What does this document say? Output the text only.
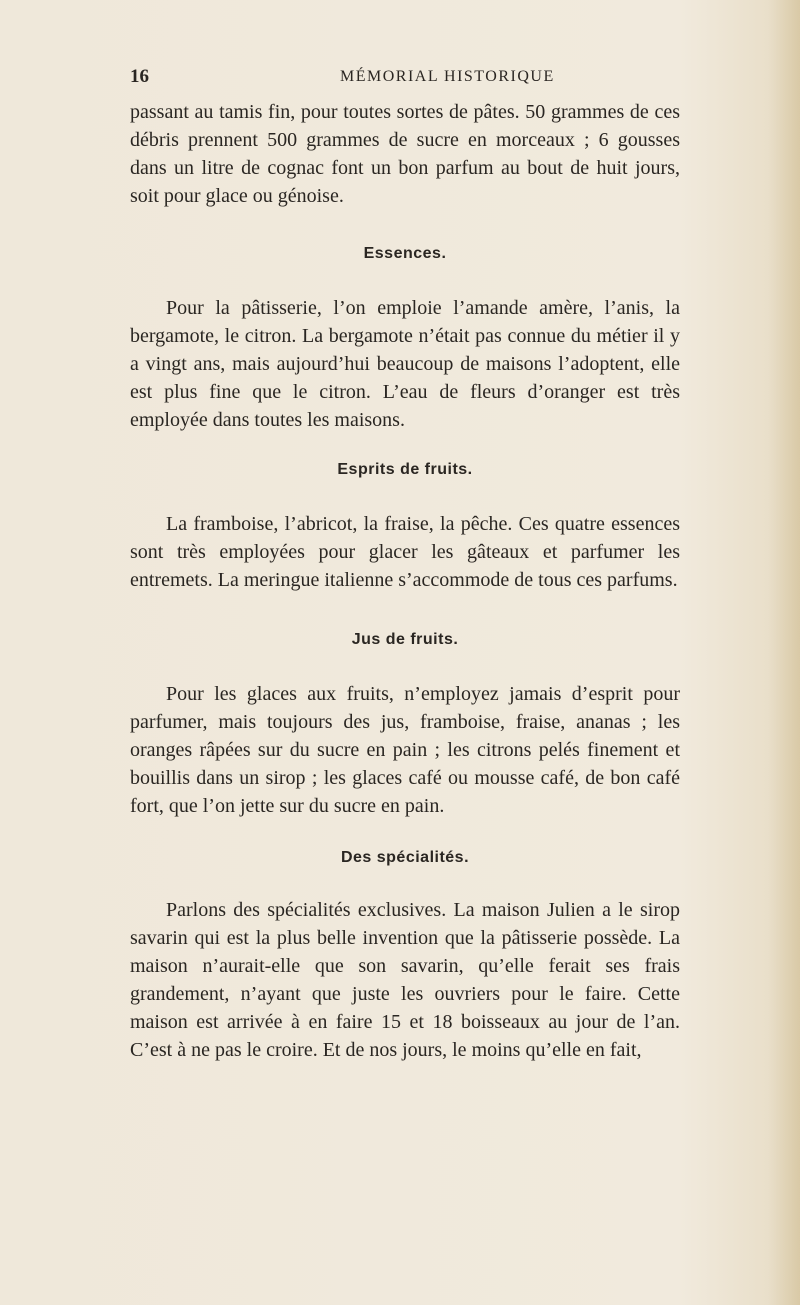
16	MÉMORIAL HISTORIQUE

passant au tamis fin, pour toutes sortes de pâtes. 50 grammes de ces débris prennent 500 grammes de sucre en morceaux ; 6 gousses dans un litre de cognac font un bon parfum au bout de huit jours, soit pour glace ou génoise.

Essences.

Pour la pâtisserie, l’on emploie l’amande amère, l’anis, la bergamote, le citron. La bergamote n’était pas connue du métier il y a vingt ans, mais aujourd’hui beaucoup de maisons l’adoptent, elle est plus fine que le citron. L’eau de fleurs d’oranger est très employée dans toutes les maisons.

Esprits de fruits.

La framboise, l’abricot, la fraise, la pêche. Ces quatre essences sont très employées pour glacer les gâteaux et parfumer les entremets. La meringue italienne s’accommode de tous ces parfums.

Jus de fruits.

Pour les glaces aux fruits, n’employez jamais d’esprit pour parfumer, mais toujours des jus, framboise, fraise, ananas ; les oranges râpées sur du sucre en pain ; les citrons pelés finement et bouillis dans un sirop ; les glaces café ou mousse café, de bon café fort, que l’on jette sur du sucre en pain.

Des spécialités.

Parlons des spécialités exclusives. La maison Julien a le sirop savarin qui est la plus belle invention que la pâtisserie possède. La maison n’aurait-elle que son savarin, qu’elle ferait ses frais grandement, n’ayant que juste les ouvriers pour le faire. Cette maison est arrivée à en faire 15 et 18 boisseaux au jour de l’an. C’est à ne pas le croire. Et de nos jours, le moins qu’elle en fait,
